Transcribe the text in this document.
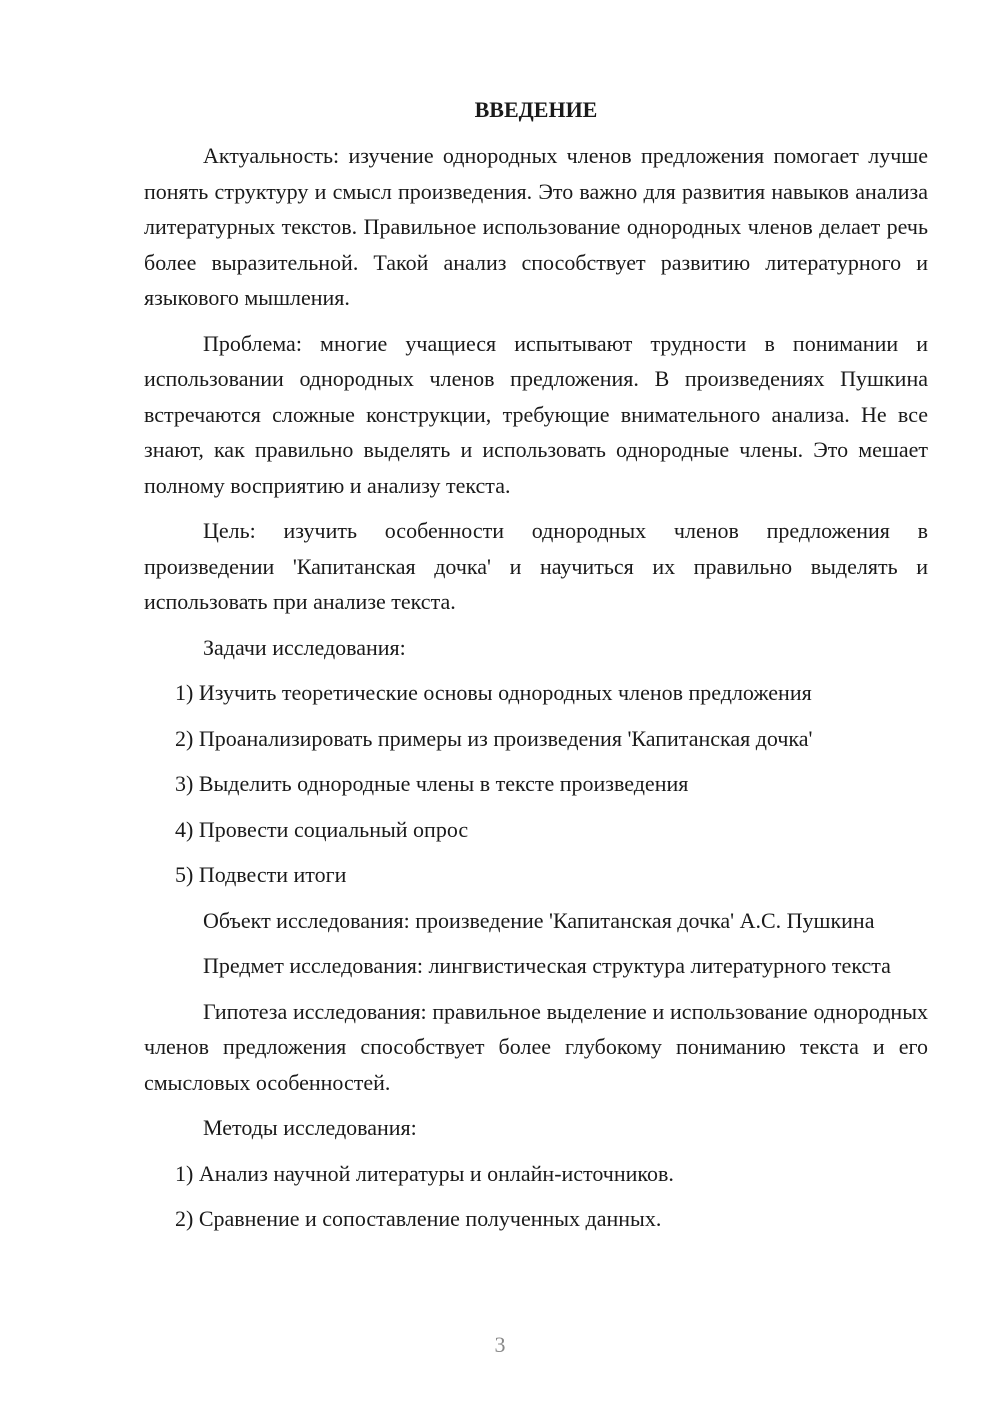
ВВЕДЕНИЕ

Актуальность: изучение однородных членов предложения помогает лучше понять структуру и смысл произведения. Это важно для развития навыков анализа литературных текстов. Правильное использование однородных членов делает речь более выразительной. Такой анализ способствует развитию литературного и языкового мышления.

Проблема: многие учащиеся испытывают трудности в понимании и использовании однородных членов предложения. В произведениях Пушкина встречаются сложные конструкции, требующие внимательного анализа. Не все знают, как правильно выделять и использовать однородные члены. Это мешает полному восприятию и анализу текста.

Цель: изучить особенности однородных членов предложения в произведении 'Капитанская дочка' и научиться их правильно выделять и использовать при анализе текста.

Задачи исследования:

1) Изучить теоретические основы однородных членов предложения
2) Проанализировать примеры из произведения 'Капитанская дочка'
3) Выделить однородные члены в тексте произведения
4) Провести социальный опрос
5) Подвести итоги

Объект исследования: произведение 'Капитанская дочка' А.С. Пушкина

Предмет исследования: лингвистическая структура литературного текста

Гипотеза исследования: правильное выделение и использование однородных членов предложения способствует более глубокому пониманию текста и его смысловых особенностей.

Методы исследования:

1) Анализ научной литературы и онлайн-источников.
2) Сравнение и сопоставление полученных данных.
3
